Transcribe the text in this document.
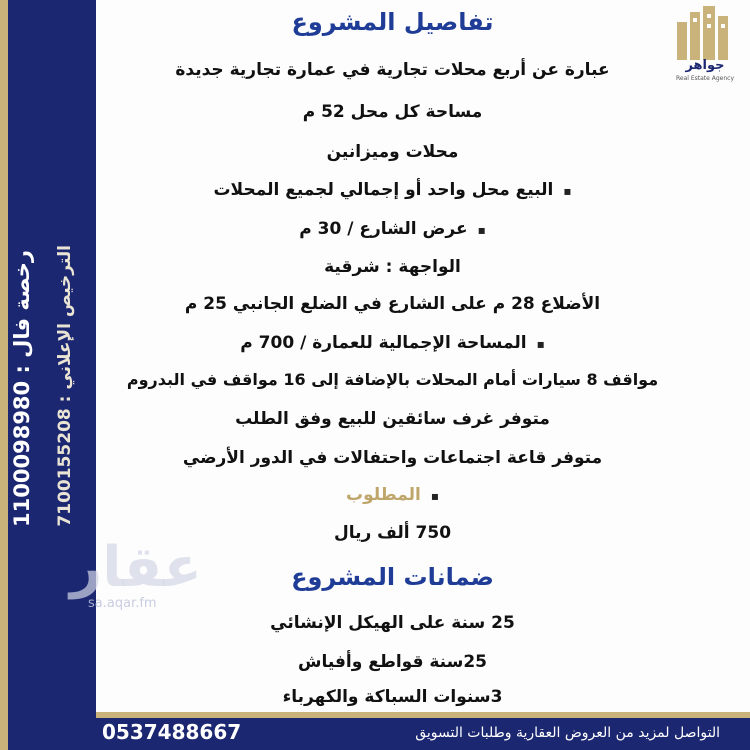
رخصة فال : 1100098980
الترخيص الإعلاني : 7100155208
جواهر
Real Estate Agency
عقار
sa.aqar.fm
تفاصيل المشروع
عبارة عن أربع محلات تجارية في عمارة تجارية جديدة
مساحة كل محل 52 م
محلات وميزانين
▪ البيع محل واحد أو إجمالي لجميع المحلات
▪ عرض الشارع / 30 م
الواجهة : شرقية
الأضلاع 28 م على الشارع في الضلع الجانبي 25 م
▪ المساحة الإجمالية للعمارة / 700 م
مواقف 8 سيارات أمام المحلات بالإضافة إلى 16 مواقف في البدروم
متوفر غرف سائقين للبيع وفق الطلب
متوفر قاعة اجتماعات واحتفالات في الدور الأرضي
▪ المطلوب
750 ألف ريال
ضمانات المشروع
25 سنة على الهيكل الإنشائي
25سنة قواطع وأفياش
3سنوات السباكة والكهرباء
التواصل لمزيد من العروض العقارية وطلبات التسويق
0537488667
